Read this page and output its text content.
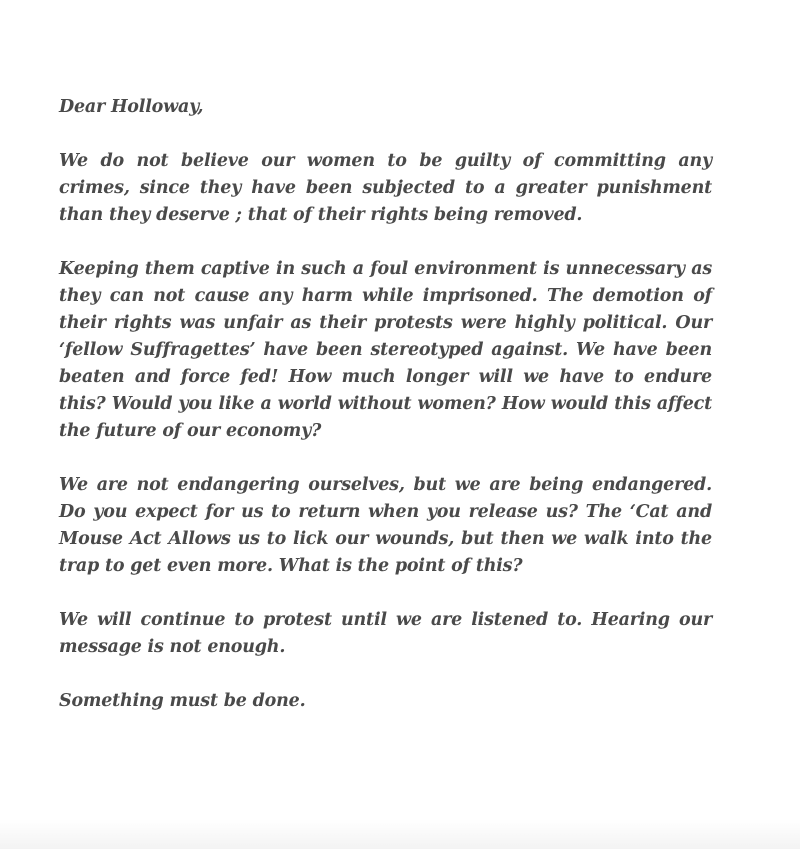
Dear Holloway,

We do not believe our women to be guilty of committing any crimes, since they have been subjected to a greater punishment than they deserve ; that of their rights being removed.

Keeping them captive in such a foul environment is unnecessary as they can not cause any harm while imprisoned. The demotion of their rights was unfair as their protests were highly political. Our ‘fellow Suffragettes’ have been stereotyped against. We have been beaten and force fed! How much longer will we have to endure this? Would you like a world without women? How would this affect the future of our economy?

We are not endangering ourselves, but we are being endangered. Do you expect for us to return when you release us? The ‘Cat and Mouse Act Allows us to lick our wounds, but then we walk into the trap to get even more. What is the point of this?

We will continue to protest until we are listened to. Hearing our message is not enough.

Something must be done.
